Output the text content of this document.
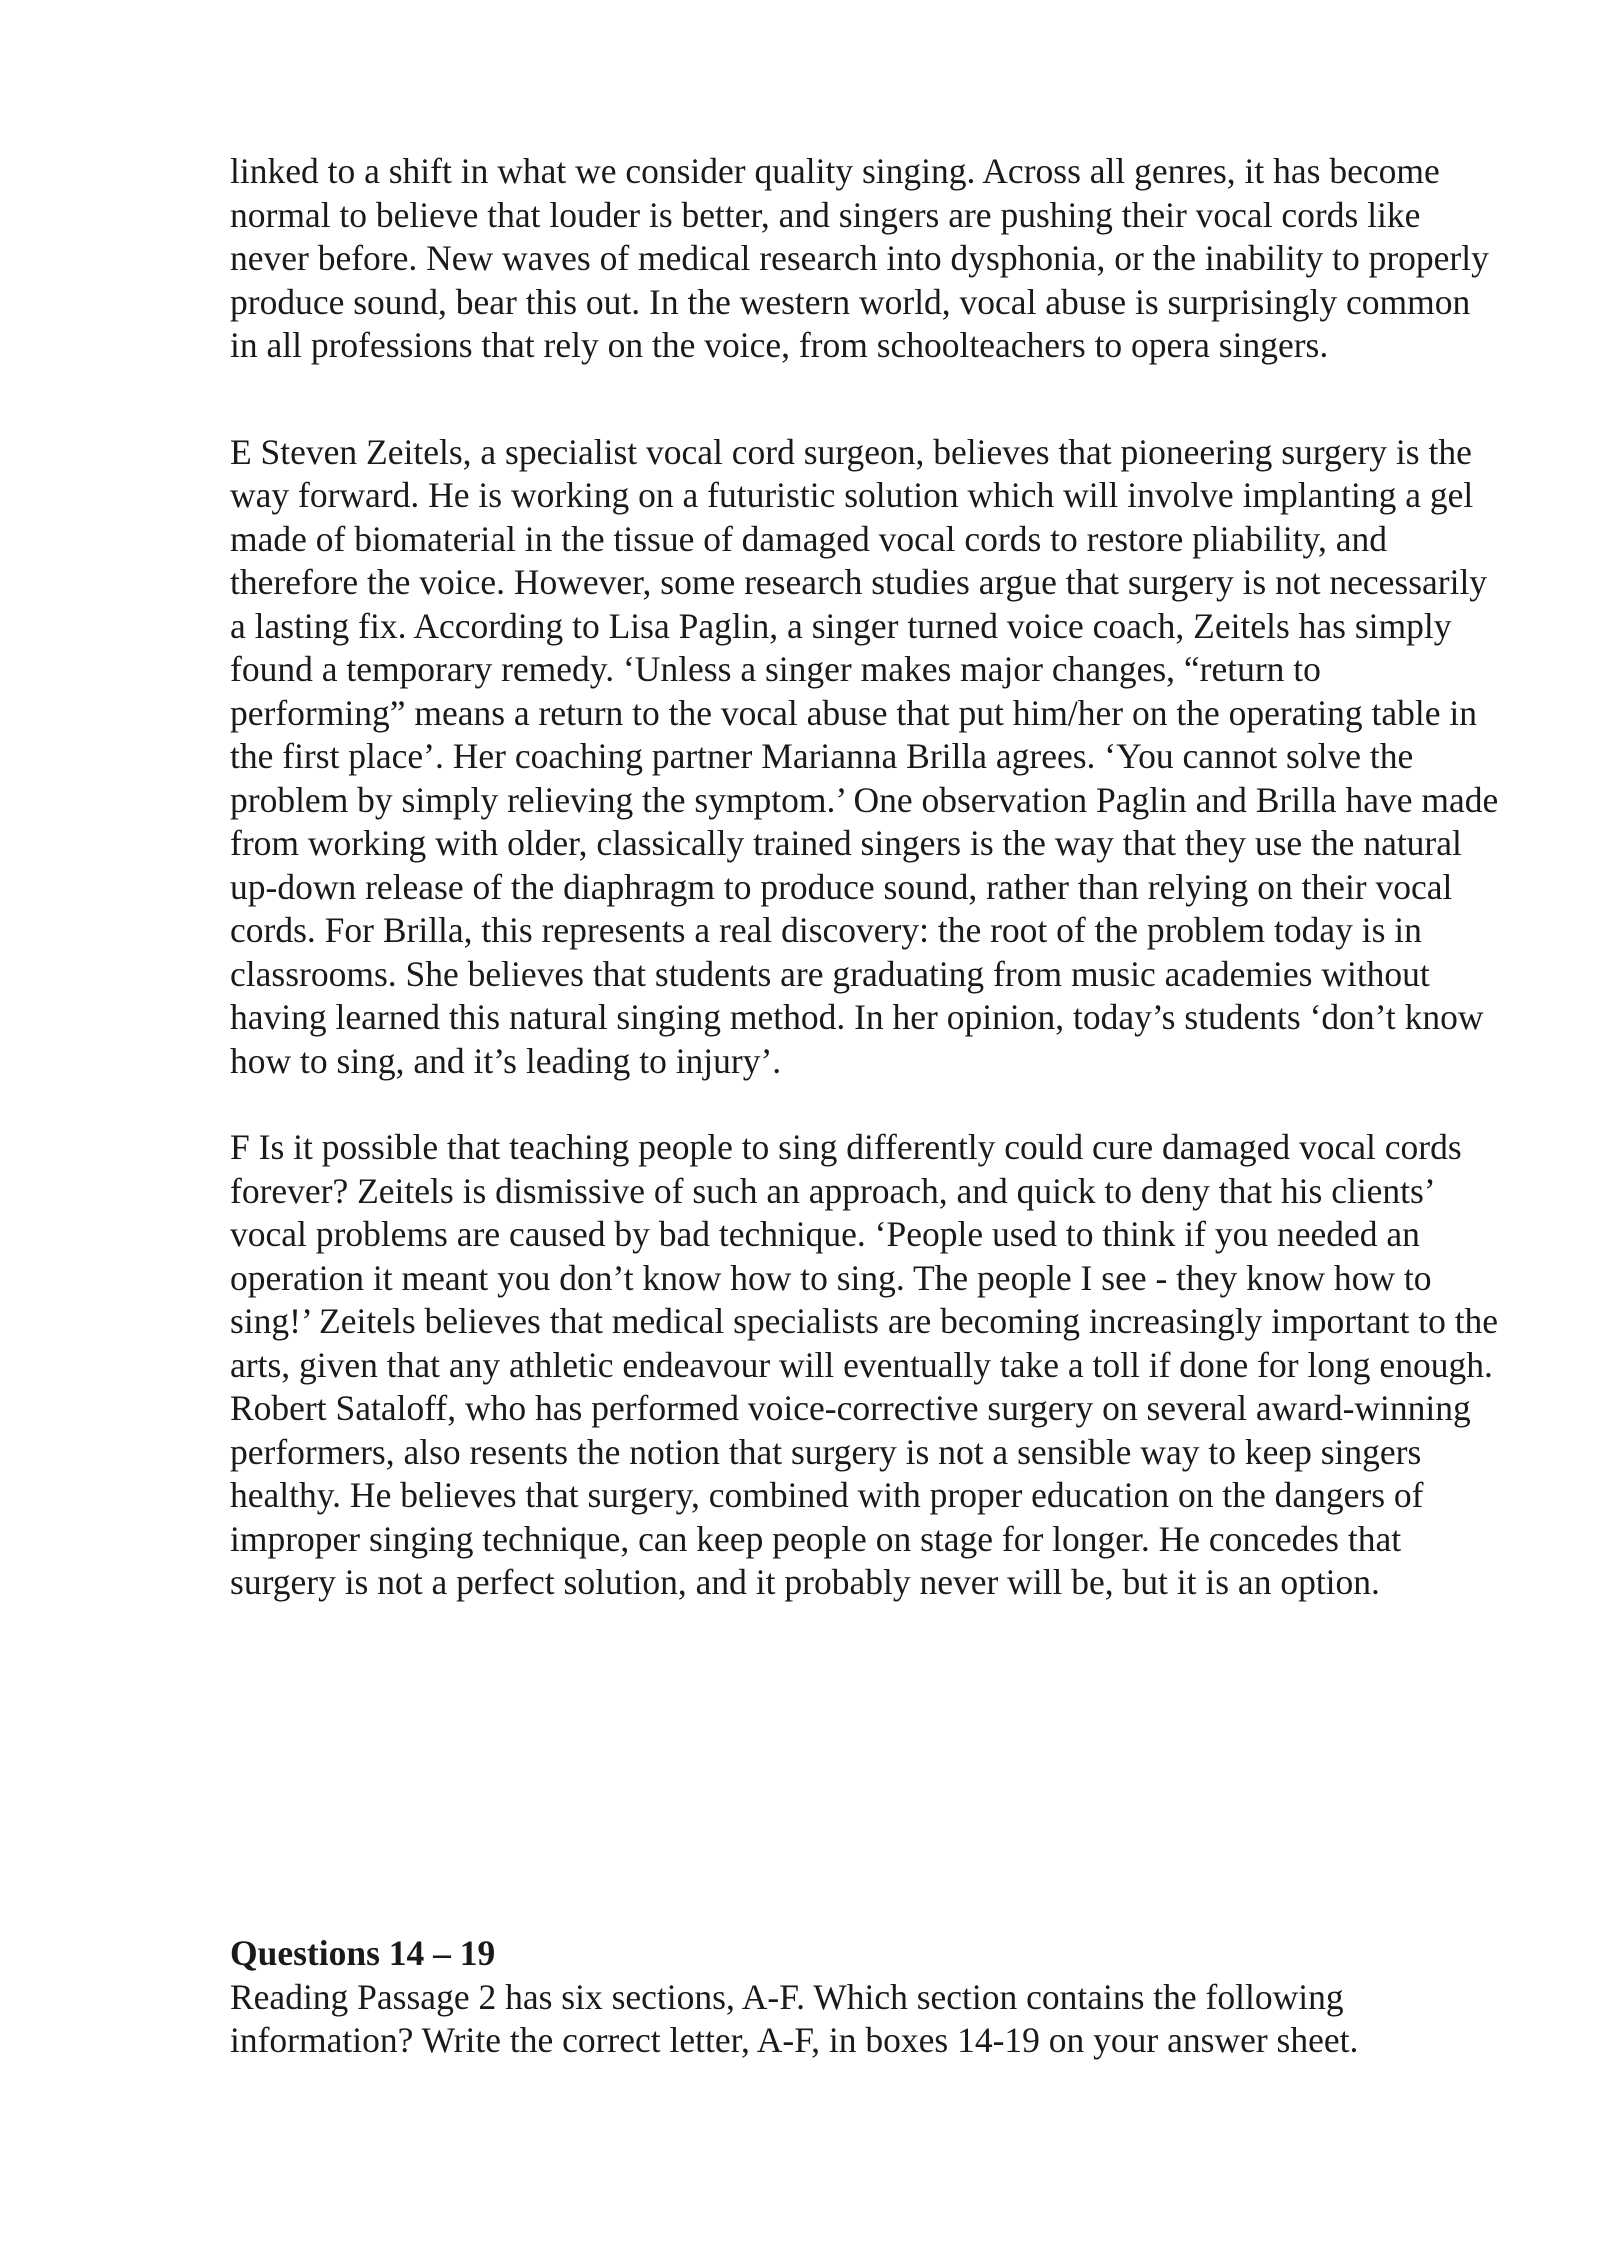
linked to a shift in what we consider quality singing. Across all genres, it has become normal to believe that louder is better, and singers are pushing their vocal cords like never before. New waves of medical research into dysphonia, or the inability to properly produce sound, bear this out. In the western world, vocal abuse is surprisingly common in all professions that rely on the voice, from schoolteachers to opera singers.

E Steven Zeitels, a specialist vocal cord surgeon, believes that pioneering surgery is the way forward. He is working on a futuristic solution which will involve implanting a gel made of biomaterial in the tissue of damaged vocal cords to restore pliability, and therefore the voice. However, some research studies argue that surgery is not necessarily a lasting fix. According to Lisa Paglin, a singer turned voice coach, Zeitels has simply found a temporary remedy. ‘Unless a singer makes major changes, “return to performing” means a return to the vocal abuse that put him/her on the operating table in the first place’. Her coaching partner Marianna Brilla agrees. ‘You cannot solve the problem by simply relieving the symptom.’ One observation Paglin and Brilla have made from working with older, classically trained singers is the way that they use the natural up-down release of the diaphragm to produce sound, rather than relying on their vocal cords. For Brilla, this represents a real discovery: the root of the problem today is in classrooms. She believes that students are graduating from music academies without having learned this natural singing method. In her opinion, today’s students ‘don’t know how to sing, and it’s leading to injury’.

F Is it possible that teaching people to sing differently could cure damaged vocal cords forever? Zeitels is dismissive of such an approach, and quick to deny that his clients’ vocal problems are caused by bad technique. ‘People used to think if you needed an operation it meant you don’t know how to sing. The people I see - they know how to sing!’ Zeitels believes that medical specialists are becoming increasingly important to the arts, given that any athletic endeavour will eventually take a toll if done for long enough. Robert Sataloff, who has performed voice-corrective surgery on several award-winning performers, also resents the notion that surgery is not a sensible way to keep singers healthy. He believes that surgery, combined with proper education on the dangers of improper singing technique, can keep people on stage for longer. He concedes that surgery is not a perfect solution, and it probably never will be, but it is an option.

Questions 14 – 19

Reading Passage 2 has six sections, A-F. Which section contains the following information? Write the correct letter, A-F, in boxes 14-19 on your answer sheet.
